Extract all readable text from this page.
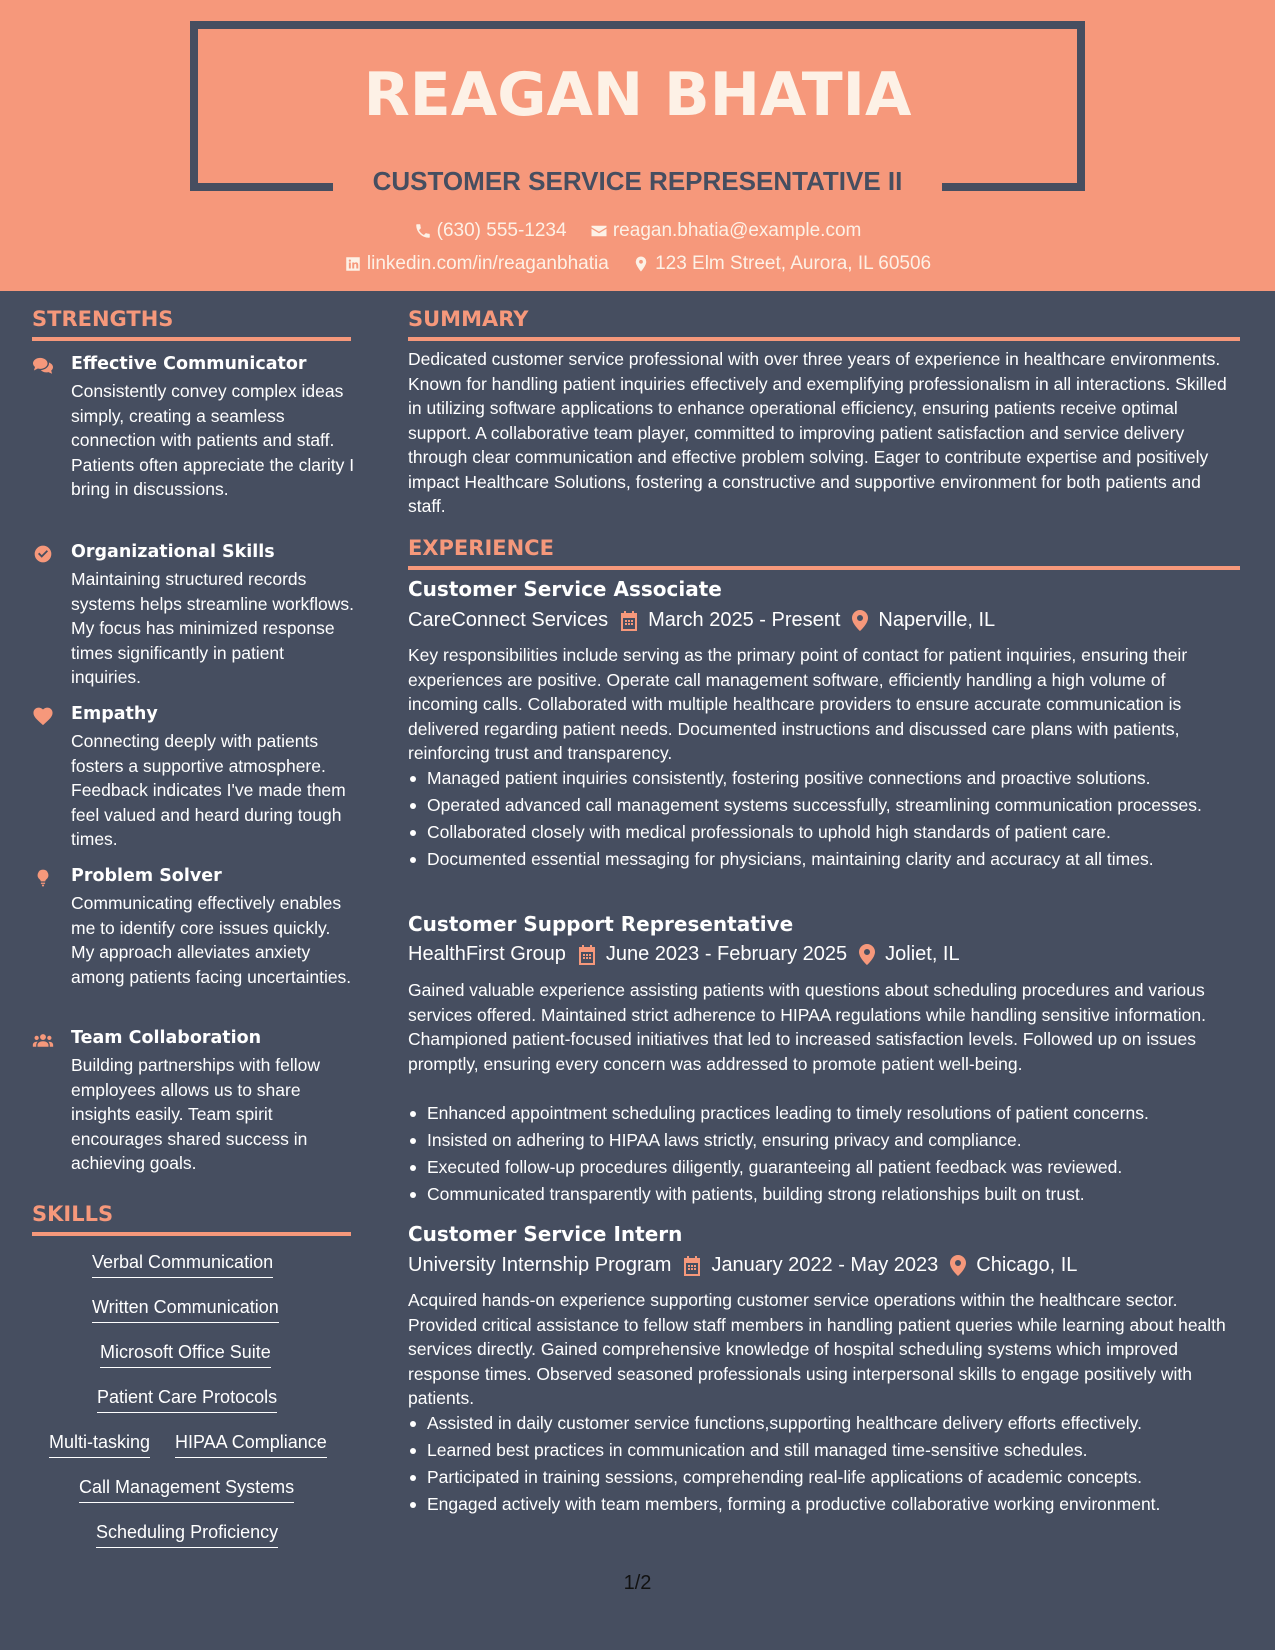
REAGAN BHATIA
CUSTOMER SERVICE REPRESENTATIVE II
(630) 555-1234
reagan.bhatia@example.com
linkedin.com/in/reaganbhatia
123 Elm Street, Aurora, IL 60506
STRENGTHS
Effective Communicator
Consistently convey complex ideas simply, creating a seamless connection with patients and staff. Patients often appreciate the clarity I bring in discussions.
Organizational Skills
Maintaining structured records systems helps streamline workflows. My focus has minimized response times significantly in patient inquiries.
Empathy
Connecting deeply with patients fosters a supportive atmosphere. Feedback indicates I've made them feel valued and heard during tough times.
Problem Solver
Communicating effectively enables me to identify core issues quickly. My approach alleviates anxiety among patients facing uncertainties.
Team Collaboration
Building partnerships with fellow employees allows us to share insights easily. Team spirit encourages shared success in achieving goals.
SKILLS
Verbal Communication
Written Communication
Microsoft Office Suite
Patient Care Protocols
Multi-tasking HIPAA Compliance
Call Management Systems
Scheduling Proficiency
SUMMARY
Dedicated customer service professional with over three years of experience in healthcare environments. Known for handling patient inquiries effectively and exemplifying professionalism in all interactions. Skilled in utilizing software applications to enhance operational efficiency, ensuring patients receive optimal support. A collaborative team player, committed to improving patient satisfaction and service delivery through clear communication and effective problem solving. Eager to contribute expertise and positively impact Healthcare Solutions, fostering a constructive and supportive environment for both patients and staff.
EXPERIENCE
Customer Service Associate
CareConnect Services March 2025 - Present Naperville, IL
Key responsibilities include serving as the primary point of contact for patient inquiries, ensuring their experiences are positive. Operate call management software, efficiently handling a high volume of incoming calls. Collaborated with multiple healthcare providers to ensure accurate communication is delivered regarding patient needs. Documented instructions and discussed care plans with patients, reinforcing trust and transparency.
Managed patient inquiries consistently, fostering positive connections and proactive solutions.
Operated advanced call management systems successfully, streamlining communication processes.
Collaborated closely with medical professionals to uphold high standards of patient care.
Documented essential messaging for physicians, maintaining clarity and accuracy at all times.
Customer Support Representative
HealthFirst Group June 2023 - February 2025 Joliet, IL
Gained valuable experience assisting patients with questions about scheduling procedures and various services offered. Maintained strict adherence to HIPAA regulations while handling sensitive information. Championed patient-focused initiatives that led to increased satisfaction levels. Followed up on issues promptly, ensuring every concern was addressed to promote patient well-being.
Enhanced appointment scheduling practices leading to timely resolutions of patient concerns.
Insisted on adhering to HIPAA laws strictly, ensuring privacy and compliance.
Executed follow-up procedures diligently, guaranteeing all patient feedback was reviewed.
Communicated transparently with patients, building strong relationships built on trust.
Customer Service Intern
University Internship Program January 2022 - May 2023 Chicago, IL
Acquired hands-on experience supporting customer service operations within the healthcare sector. Provided critical assistance to fellow staff members in handling patient queries while learning about health services directly. Gained comprehensive knowledge of hospital scheduling systems which improved response times. Observed seasoned professionals using interpersonal skills to engage positively with patients.
Assisted in daily customer service functions,supporting healthcare delivery efforts effectively.
Learned best practices in communication and still managed time-sensitive schedules.
Participated in training sessions, comprehending real-life applications of academic concepts.
Engaged actively with team members, forming a productive collaborative working environment.
1/2
